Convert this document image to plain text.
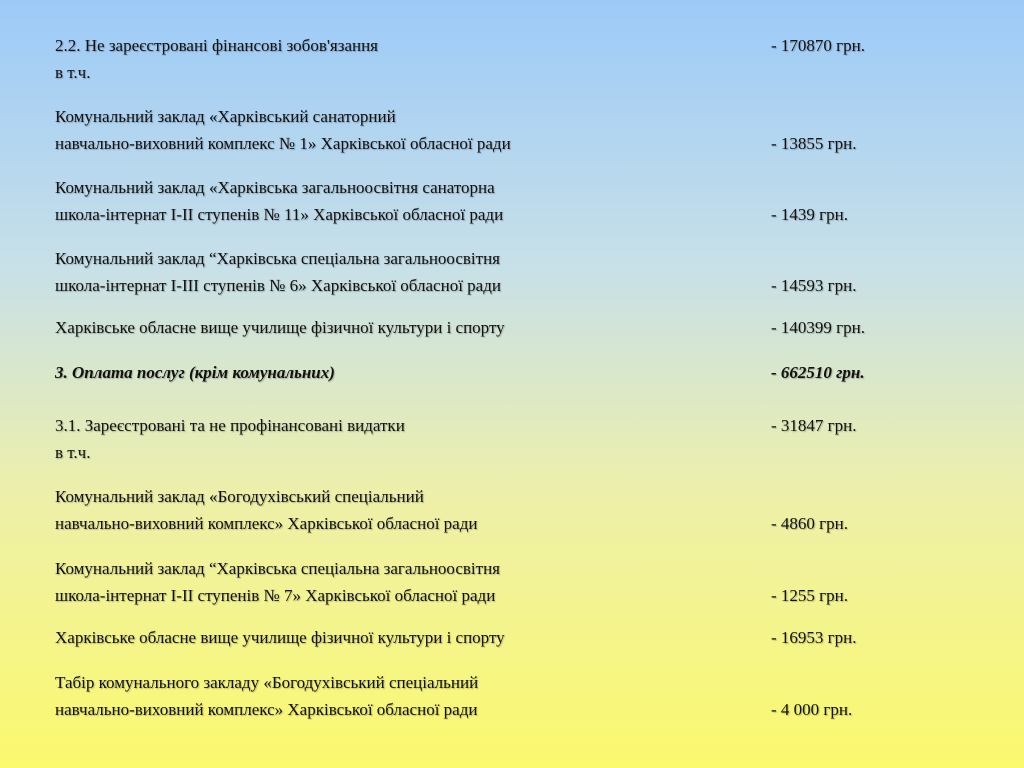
2.2. Не зареєстровані фінансові зобов'язання	- 170870 грн.
в т.ч.
Комунальний заклад «Харківський санаторний
навчально-виховний комплекс № 1» Харківської обласної ради	- 13855 грн.
Комунальний заклад «Харківська загальноосвітня санаторна
школа-інтернат І-ІІ ступенів № 11» Харківської обласної ради	- 1439 грн.
Комунальний заклад “Харківська спеціальна загальноосвітня
школа-інтернат І-ІІІ ступенів № 6» Харківської обласної ради	- 14593 грн.
Харківське обласне вище училище фізичної культури і спорту	- 140399 грн.
3. Оплата послуг (крім комунальних)	- 662510 грн.
3.1. Зареєстровані та не профінансовані видатки	- 31847 грн.
в т.ч.
Комунальний заклад «Богодухівський спеціальний
навчально-виховний комплекс» Харківської обласної ради	- 4860 грн.
Комунальний заклад “Харківська спеціальна загальноосвітня
школа-інтернат І-ІІ ступенів № 7» Харківської обласної ради	- 1255 грн.
Харківське обласне вище училище фізичної культури і спорту	- 16953 грн.
Табір комунального закладу «Богодухівський спеціальний
навчально-виховний комплекс» Харківської обласної ради	- 4 000 грн.
